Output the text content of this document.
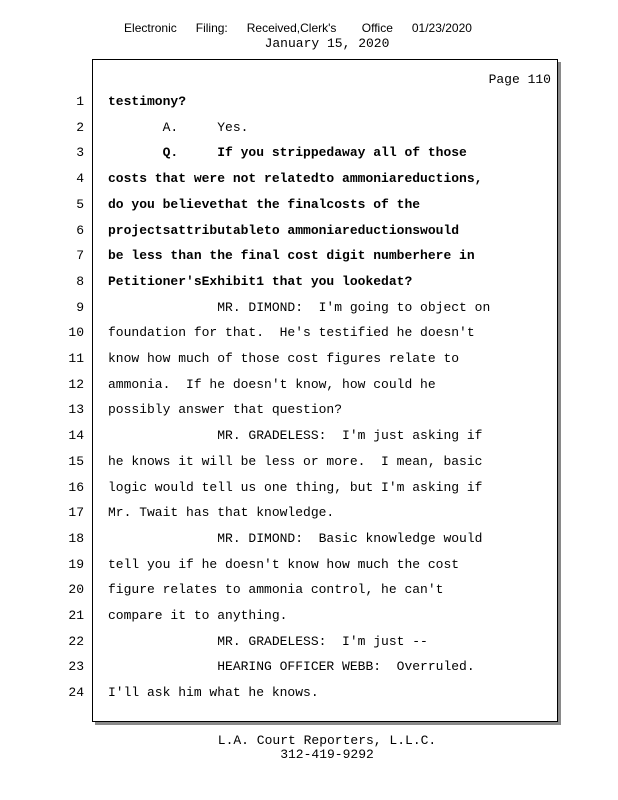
Electronic   Filing:   Received,Clerk's    Office   01/23/2020
January 15, 2020
Page 110
1 testimony?
2 A.     Yes.
3 Q.     If you strippedaway all of those
4 costs that were not relatedto ammoniareductions,
5 do you believethat the finalcosts of the
6 projectsattributableto ammoniareductionswould
7 be less than the final cost digit numberhere in
8 Petitioner'sExhibit1 that you lookedat?
9 MR. DIMOND:  I'm going to object on
10 foundation for that.  He's testified he doesn't
11 know how much of those cost figures relate to
12 ammonia.  If he doesn't know, how could he
13 possibly answer that question?
14 MR. GRADELESS:  I'm just asking if
15 he knows it will be less or more.  I mean, basic
16 logic would tell us one thing, but I'm asking if
17 Mr. Twait has that knowledge.
18 MR. DIMOND:  Basic knowledge would
19 tell you if he doesn't know how much the cost
20 figure relates to ammonia control, he can't
21 compare it to anything.
22 MR. GRADELESS:  I'm just --
23 HEARING OFFICER WEBB:  Overruled.
24 I'll ask him what he knows.
L.A. Court Reporters, L.L.C.
312-419-9292
